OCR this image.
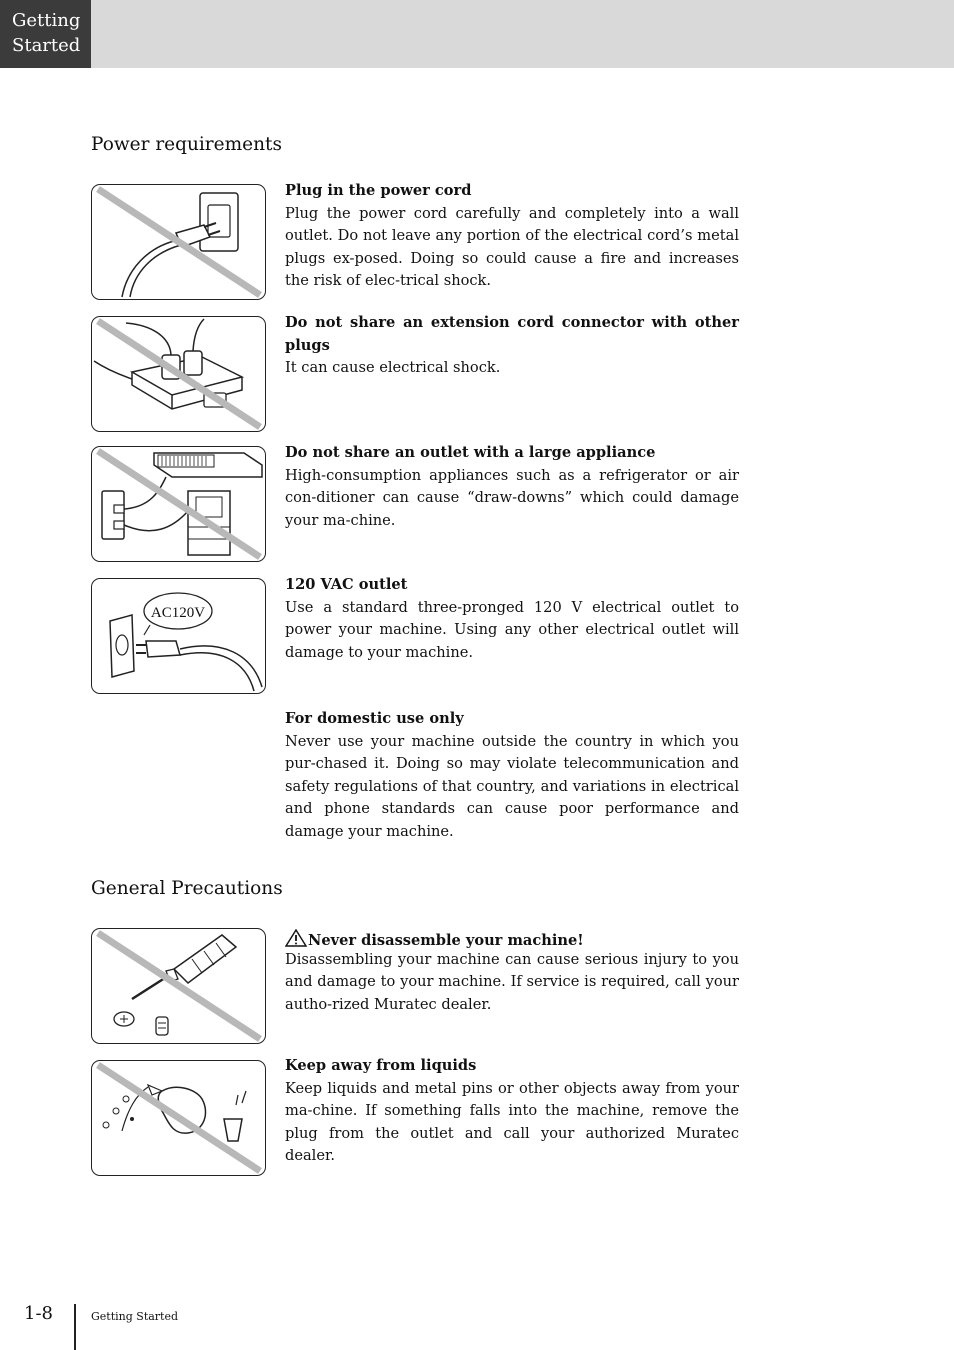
Getting
Started
Power requirements
Plug in the power cord

Plug the power cord carefully and completely into a wall outlet. Do not leave any portion of the electrical cord’s metal plugs ex-posed. Doing so could cause a fire and increases the risk of elec-trical shock.

Do not share an extension cord connector with other plugs

It can cause electrical shock.

Do not share an outlet with a large appliance

High-consumption appliances such as a refrigerator or air con-ditioner can cause “draw-downs” which could damage your ma-chine.

AC120V
120 VAC outlet

Use a standard three-pronged 120 V electrical outlet to power your machine. Using any other electrical outlet will damage to your machine.

For domestic use only

Never use your machine outside the country in which you pur-chased it. Doing so may violate telecommunication and safety regulations of that country, and variations in electrical and phone standards can cause poor performance and damage your machine.

General Precautions
Never disassemble your machine!

Disassembling your machine can cause serious injury to you and damage to your machine. If service is required, call your autho-rized Muratec dealer.

Keep away from liquids

Keep liquids and metal pins or other objects away from your ma-chine. If something falls into the machine, remove the plug from the outlet and call your authorized Muratec dealer.

1-8	Getting Started
